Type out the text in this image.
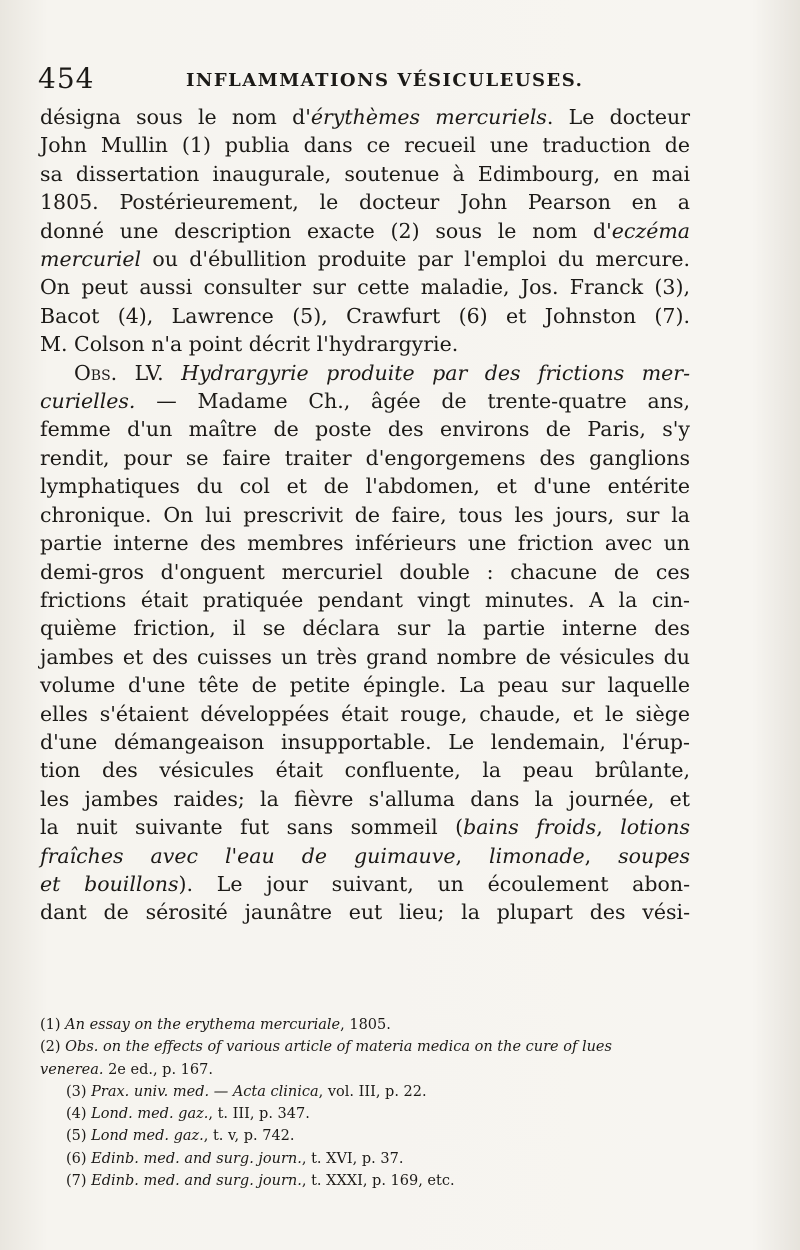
454	INFLAMMATIONS VÉSICULEUSES.
désigna sous le nom d'érythèmes mercuriels. Le docteur
John Mullin (1) publia dans ce recueil une traduction de
sa dissertation inaugurale, soutenue à Edimbourg, en mai
1805. Postérieurement, le docteur John Pearson en a
donné une description exacte (2) sous le nom d'eczéma
mercuriel ou d'ébullition produite par l'emploi du mercure.
On peut aussi consulter sur cette maladie, Jos. Franck (3),
Bacot (4), Lawrence (5), Crawfurt (6) et Johnston (7).
M. Colson n'a point décrit l'hydrargyrie.
Obs. LV. Hydrargyrie produite par des frictions mer-
curielles. — Madame Ch., âgée de trente-quatre ans,
femme d'un maître de poste des environs de Paris, s'y
rendit, pour se faire traiter d'engorgemens des ganglions
lymphatiques du col et de l'abdomen, et d'une entérite
chronique. On lui prescrivit de faire, tous les jours, sur la
partie interne des membres inférieurs une friction avec un
demi-gros d'onguent mercuriel double : chacune de ces
frictions était pratiquée pendant vingt minutes. A la cin-
quième friction, il se déclara sur la partie interne des
jambes et des cuisses un très grand nombre de vésicules du
volume d'une tête de petite épingle. La peau sur laquelle
elles s'étaient développées était rouge, chaude, et le siège
d'une démangeaison insupportable. Le lendemain, l'érup-
tion des vésicules était confluente, la peau brûlante,
les jambes raides; la fièvre s'alluma dans la journée, et
la nuit suivante fut sans sommeil (bains froids, lotions
fraîches avec l'eau de guimauve, limonade, soupes
et bouillons). Le jour suivant, un écoulement abon-
dant de sérosité jaunâtre eut lieu; la plupart des vési-
(1) An essay on the erythema mercuriale, 1805.
(2) Obs. on the effects of various article of materia medica on the cure of lues
venerea. 2e ed., p. 167.
(3) Prax. univ. med. — Acta clinica, vol. III, p. 22.
(4) Lond. med. gaz., t. III, p. 347.
(5) Lond med. gaz., t. v, p. 742.
(6) Edinb. med. and surg. journ., t. XVI, p. 37.
(7) Edinb. med. and surg. journ., t. XXXI, p. 169, etc.
